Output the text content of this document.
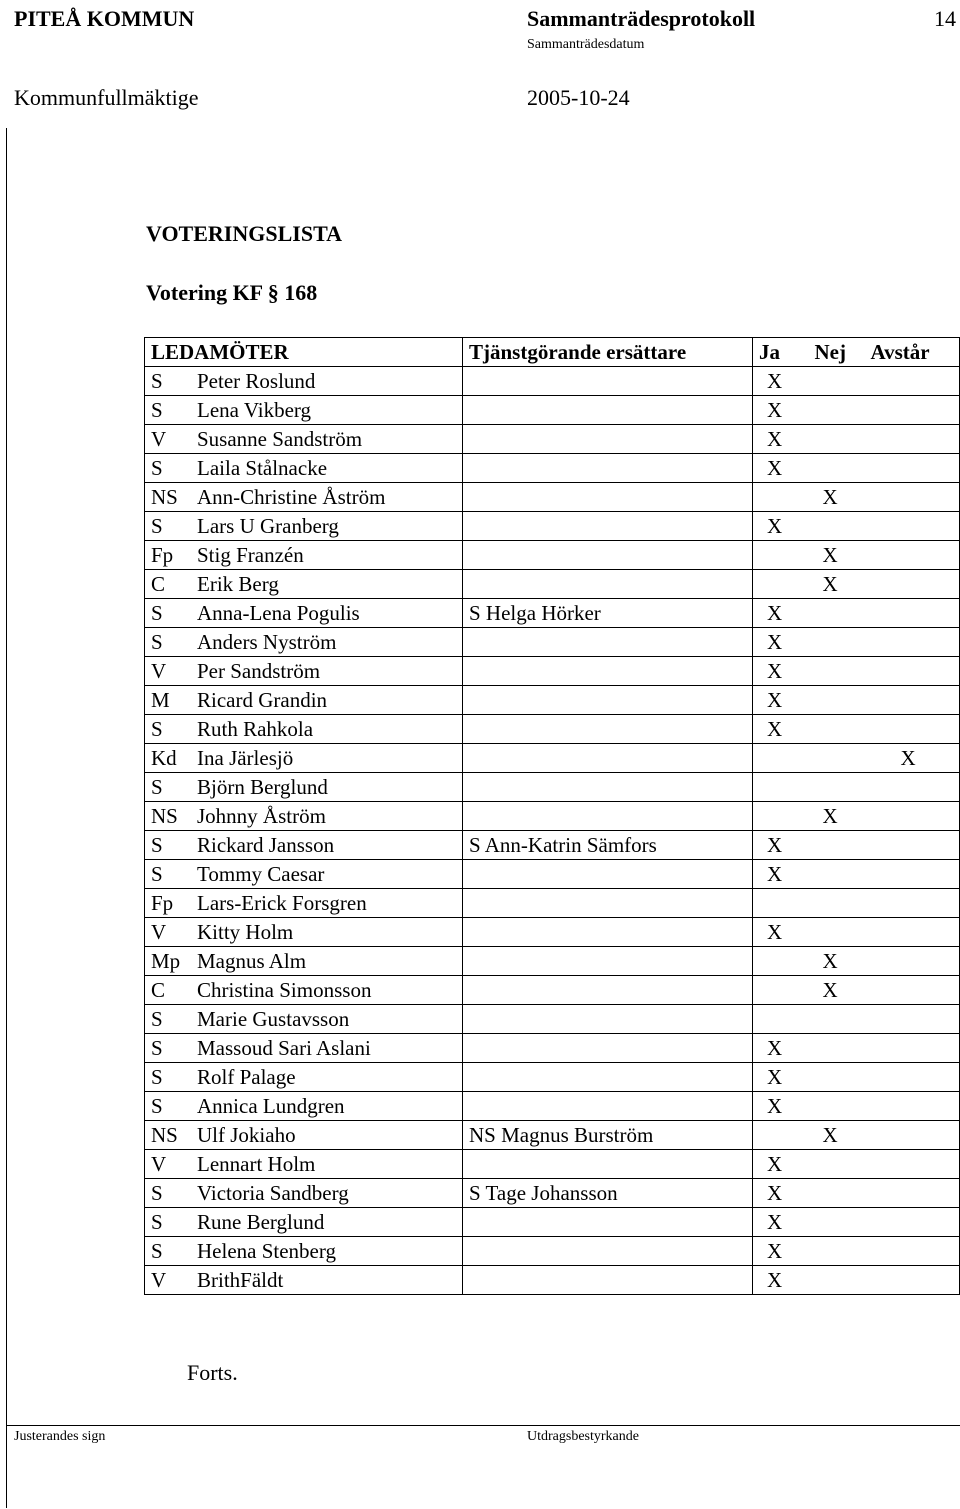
PITEÅ KOMMUN	Sammanträdesprotokoll	14
Sammanträdesdatum
Kommunfullmäktige	2005-10-24
VOTERINGSLISTA
Votering KF § 168
LEDAMÖTER	Tjänstgörande ersättare	Ja	Nej	Avstår
S Peter Roslund		X		

S Lena Vikberg		X		

V Susanne Sandström		X		

S Laila Stålnacke		X		

NS Ann-Christine Åström			X	

S Lars U Granberg		X		

Fp Stig Franzén			X	

C Erik Berg			X	

S Anna-Lena Pogulis	S Helga Hörker	X		

S Anders Nyström		X		

V Per Sandström		X		

M Ricard Grandin		X		

S Ruth Rahkola		X		

Kd Ina Järlesjö				X

S Björn Berglund		

NS Johnny Åström			X	

S Rickard Jansson	S Ann-Katrin Sämfors	X		

S Tommy Caesar		X		

Fp Lars-Erick Forsgren		

V Kitty Holm		X		

Mp Magnus Alm			X	

C Christina Simonsson			X	

S Marie Gustavsson		

S Massoud Sari Aslani		X		

S Rolf Palage		X		

S Annica Lundgren		X		

NS Ulf Jokiaho	NS Magnus Burström		X	

V Lennart Holm		X		

S Victoria Sandberg	S Tage Johansson	X		

S Rune Berglund		X		

S Helena Stenberg		X		

V BrithFäldt		X		

Forts.
Justerandes sign	Utdragsbestyrkande
